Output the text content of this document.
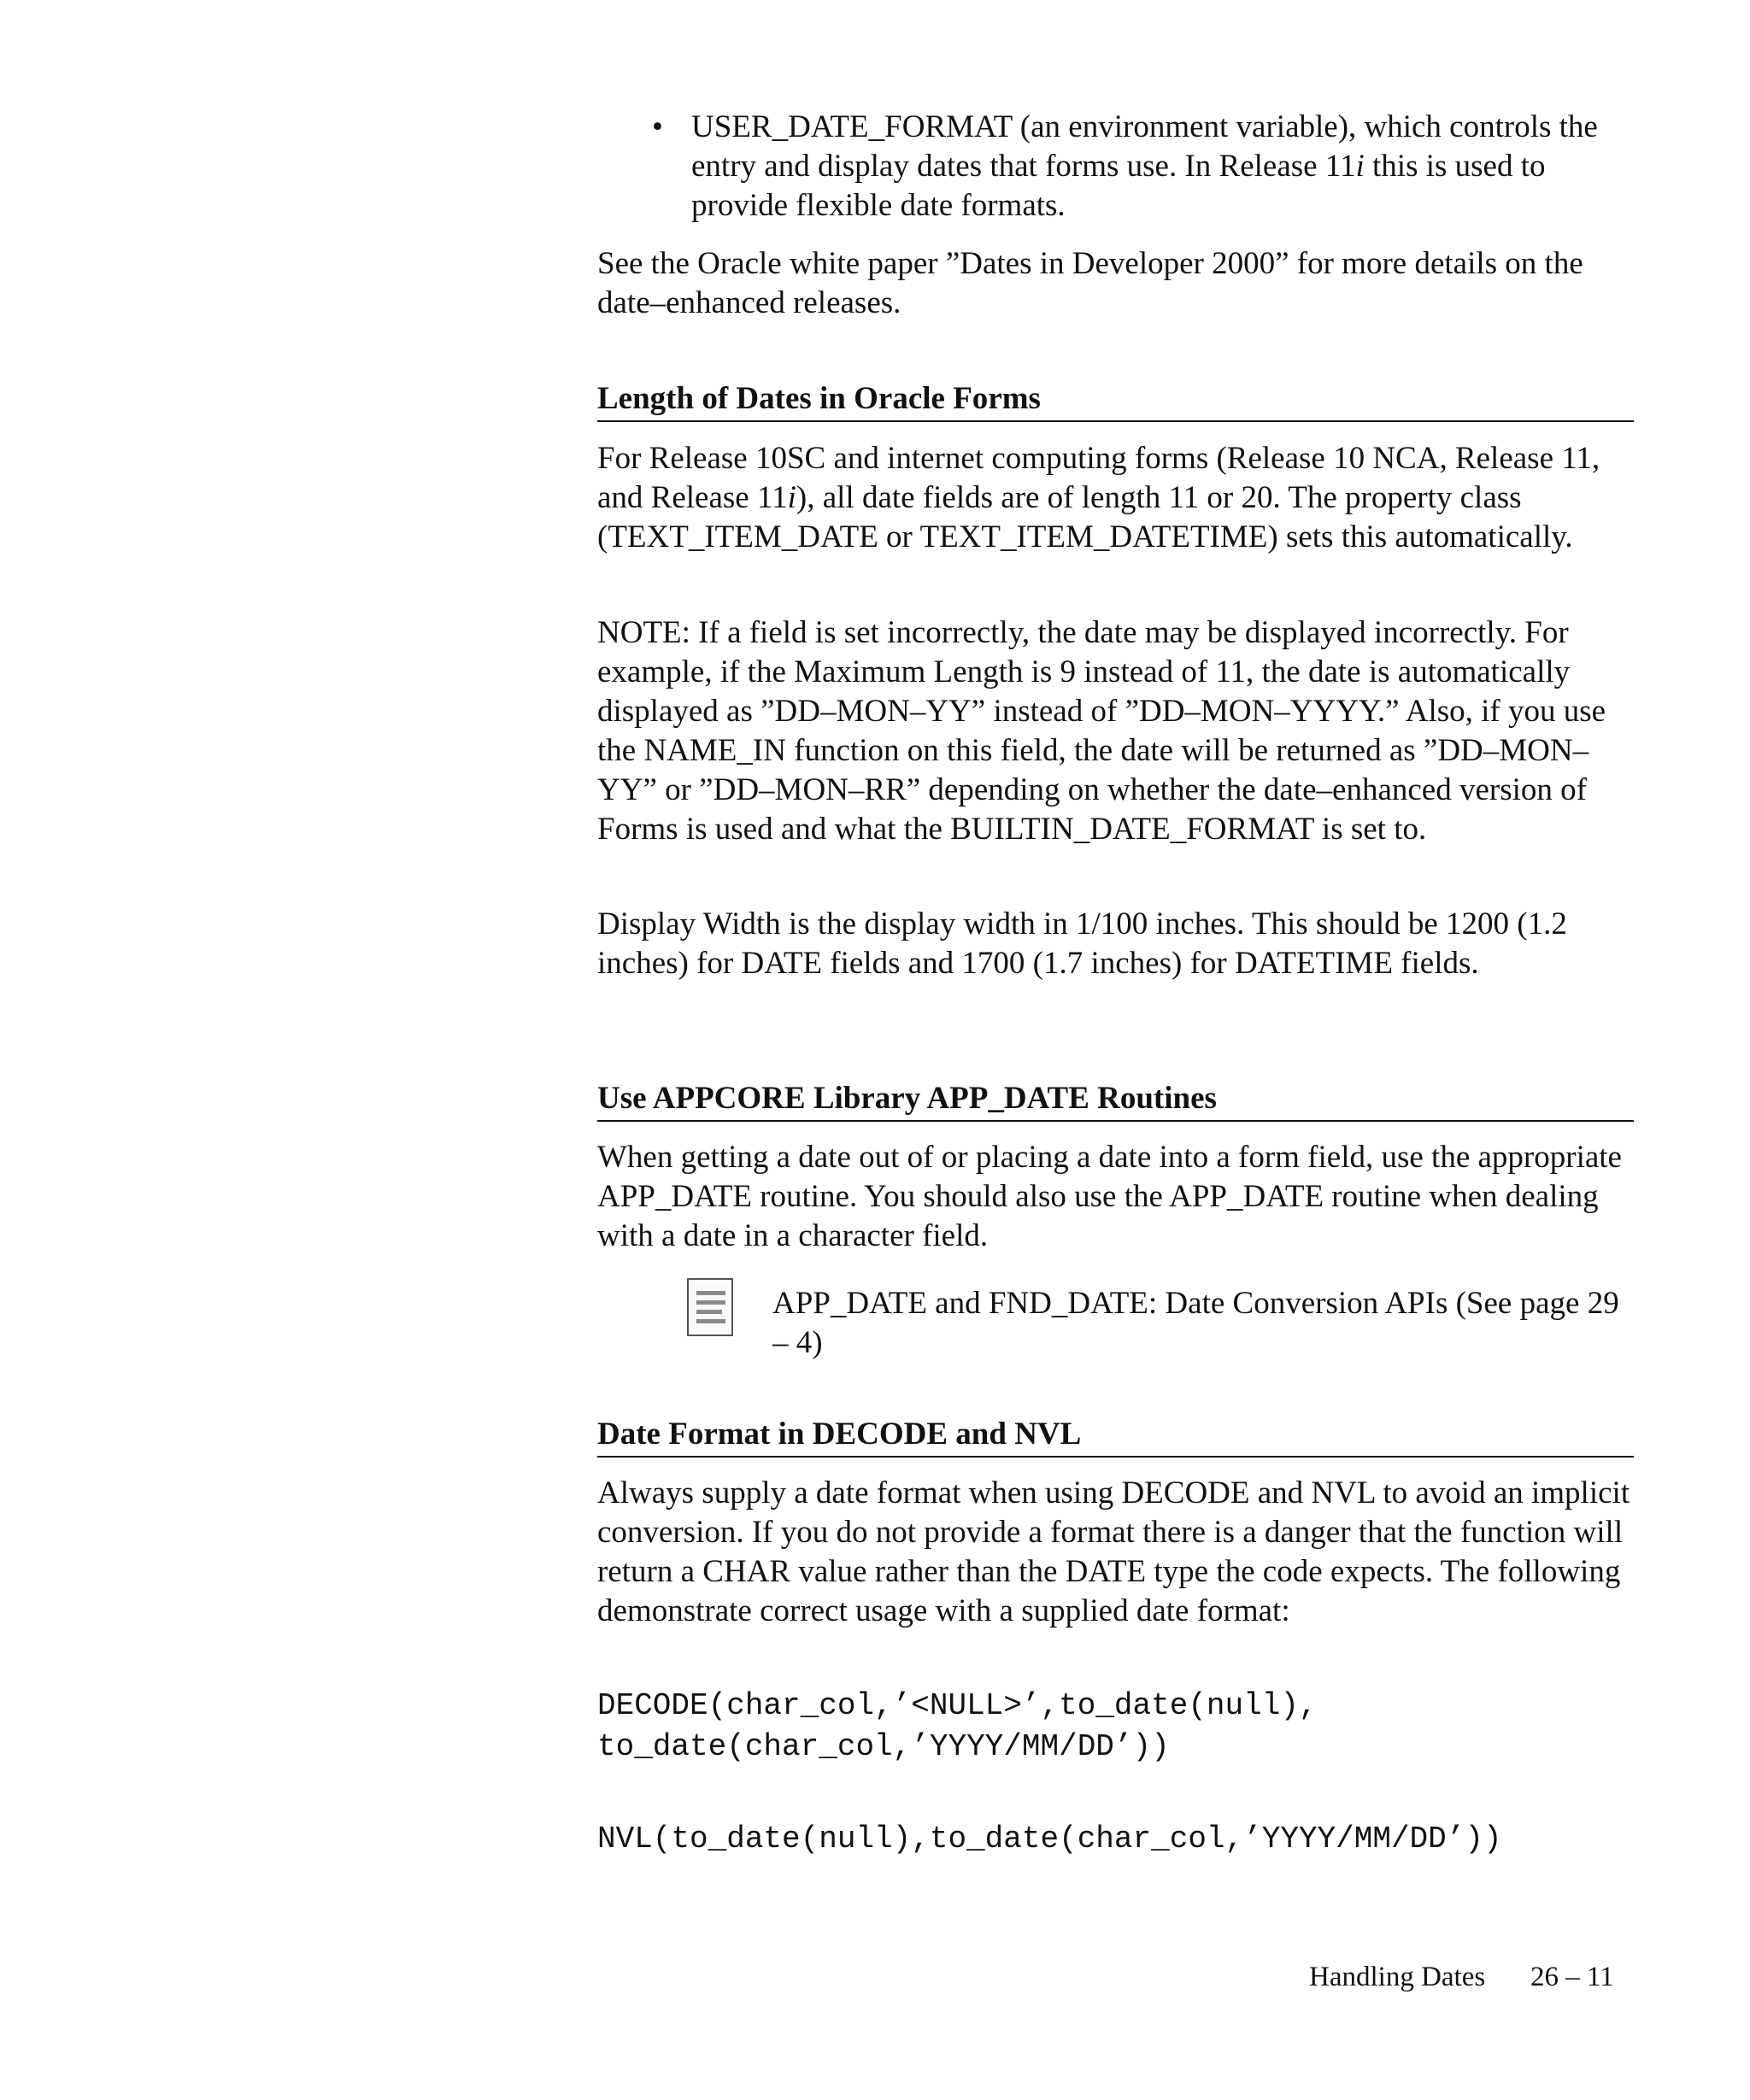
• USER_DATE_FORMAT (an environment variable), which controls the entry and display dates that forms use. In Release 11i this is used to provide flexible date formats.

See the Oracle white paper ”Dates in Developer 2000” for more details on the date–enhanced releases.

Length of Dates in Oracle Forms

For Release 10SC and internet computing forms (Release 10 NCA, Release 11, and Release 11i), all date fields are of length 11 or 20. The property class (TEXT_ITEM_DATE or TEXT_ITEM_DATETIME) sets this automatically.

NOTE: If a field is set incorrectly, the date may be displayed incorrectly. For example, if the Maximum Length is 9 instead of 11, the date is automatically displayed as ”DD–MON–YY” instead of ”DD–MON–YYYY.” Also, if you use the NAME_IN function on this field, the date will be returned as ”DD–MON–YY” or ”DD–MON–RR” depending on whether the date–enhanced version of Forms is used and what the BUILTIN_DATE_FORMAT is set to.

Display Width is the display width in 1/100 inches. This should be 1200 (1.2 inches) for DATE fields and 1700 (1.7 inches) for DATETIME fields.

Use APPCORE Library APP_DATE Routines

When getting a date out of or placing a date into a form field, use the appropriate APP_DATE routine. You should also use the APP_DATE routine when dealing with a date in a character field.

APP_DATE and FND_DATE: Date Conversion APIs (See page 29 – 4)

Date Format in DECODE and NVL

Always supply a date format when using DECODE and NVL to avoid an implicit conversion. If you do not provide a format there is a danger that the function will return a CHAR value rather than the DATE type the code expects. The following demonstrate correct usage with a supplied date format:

DECODE(char_col,’<NULL>’,to_date(null),
to_date(char_col,’YYYY/MM/DD’))
NVL(to_date(null),to_date(char_col,’YYYY/MM/DD’))

Handling Dates 26 – 11
